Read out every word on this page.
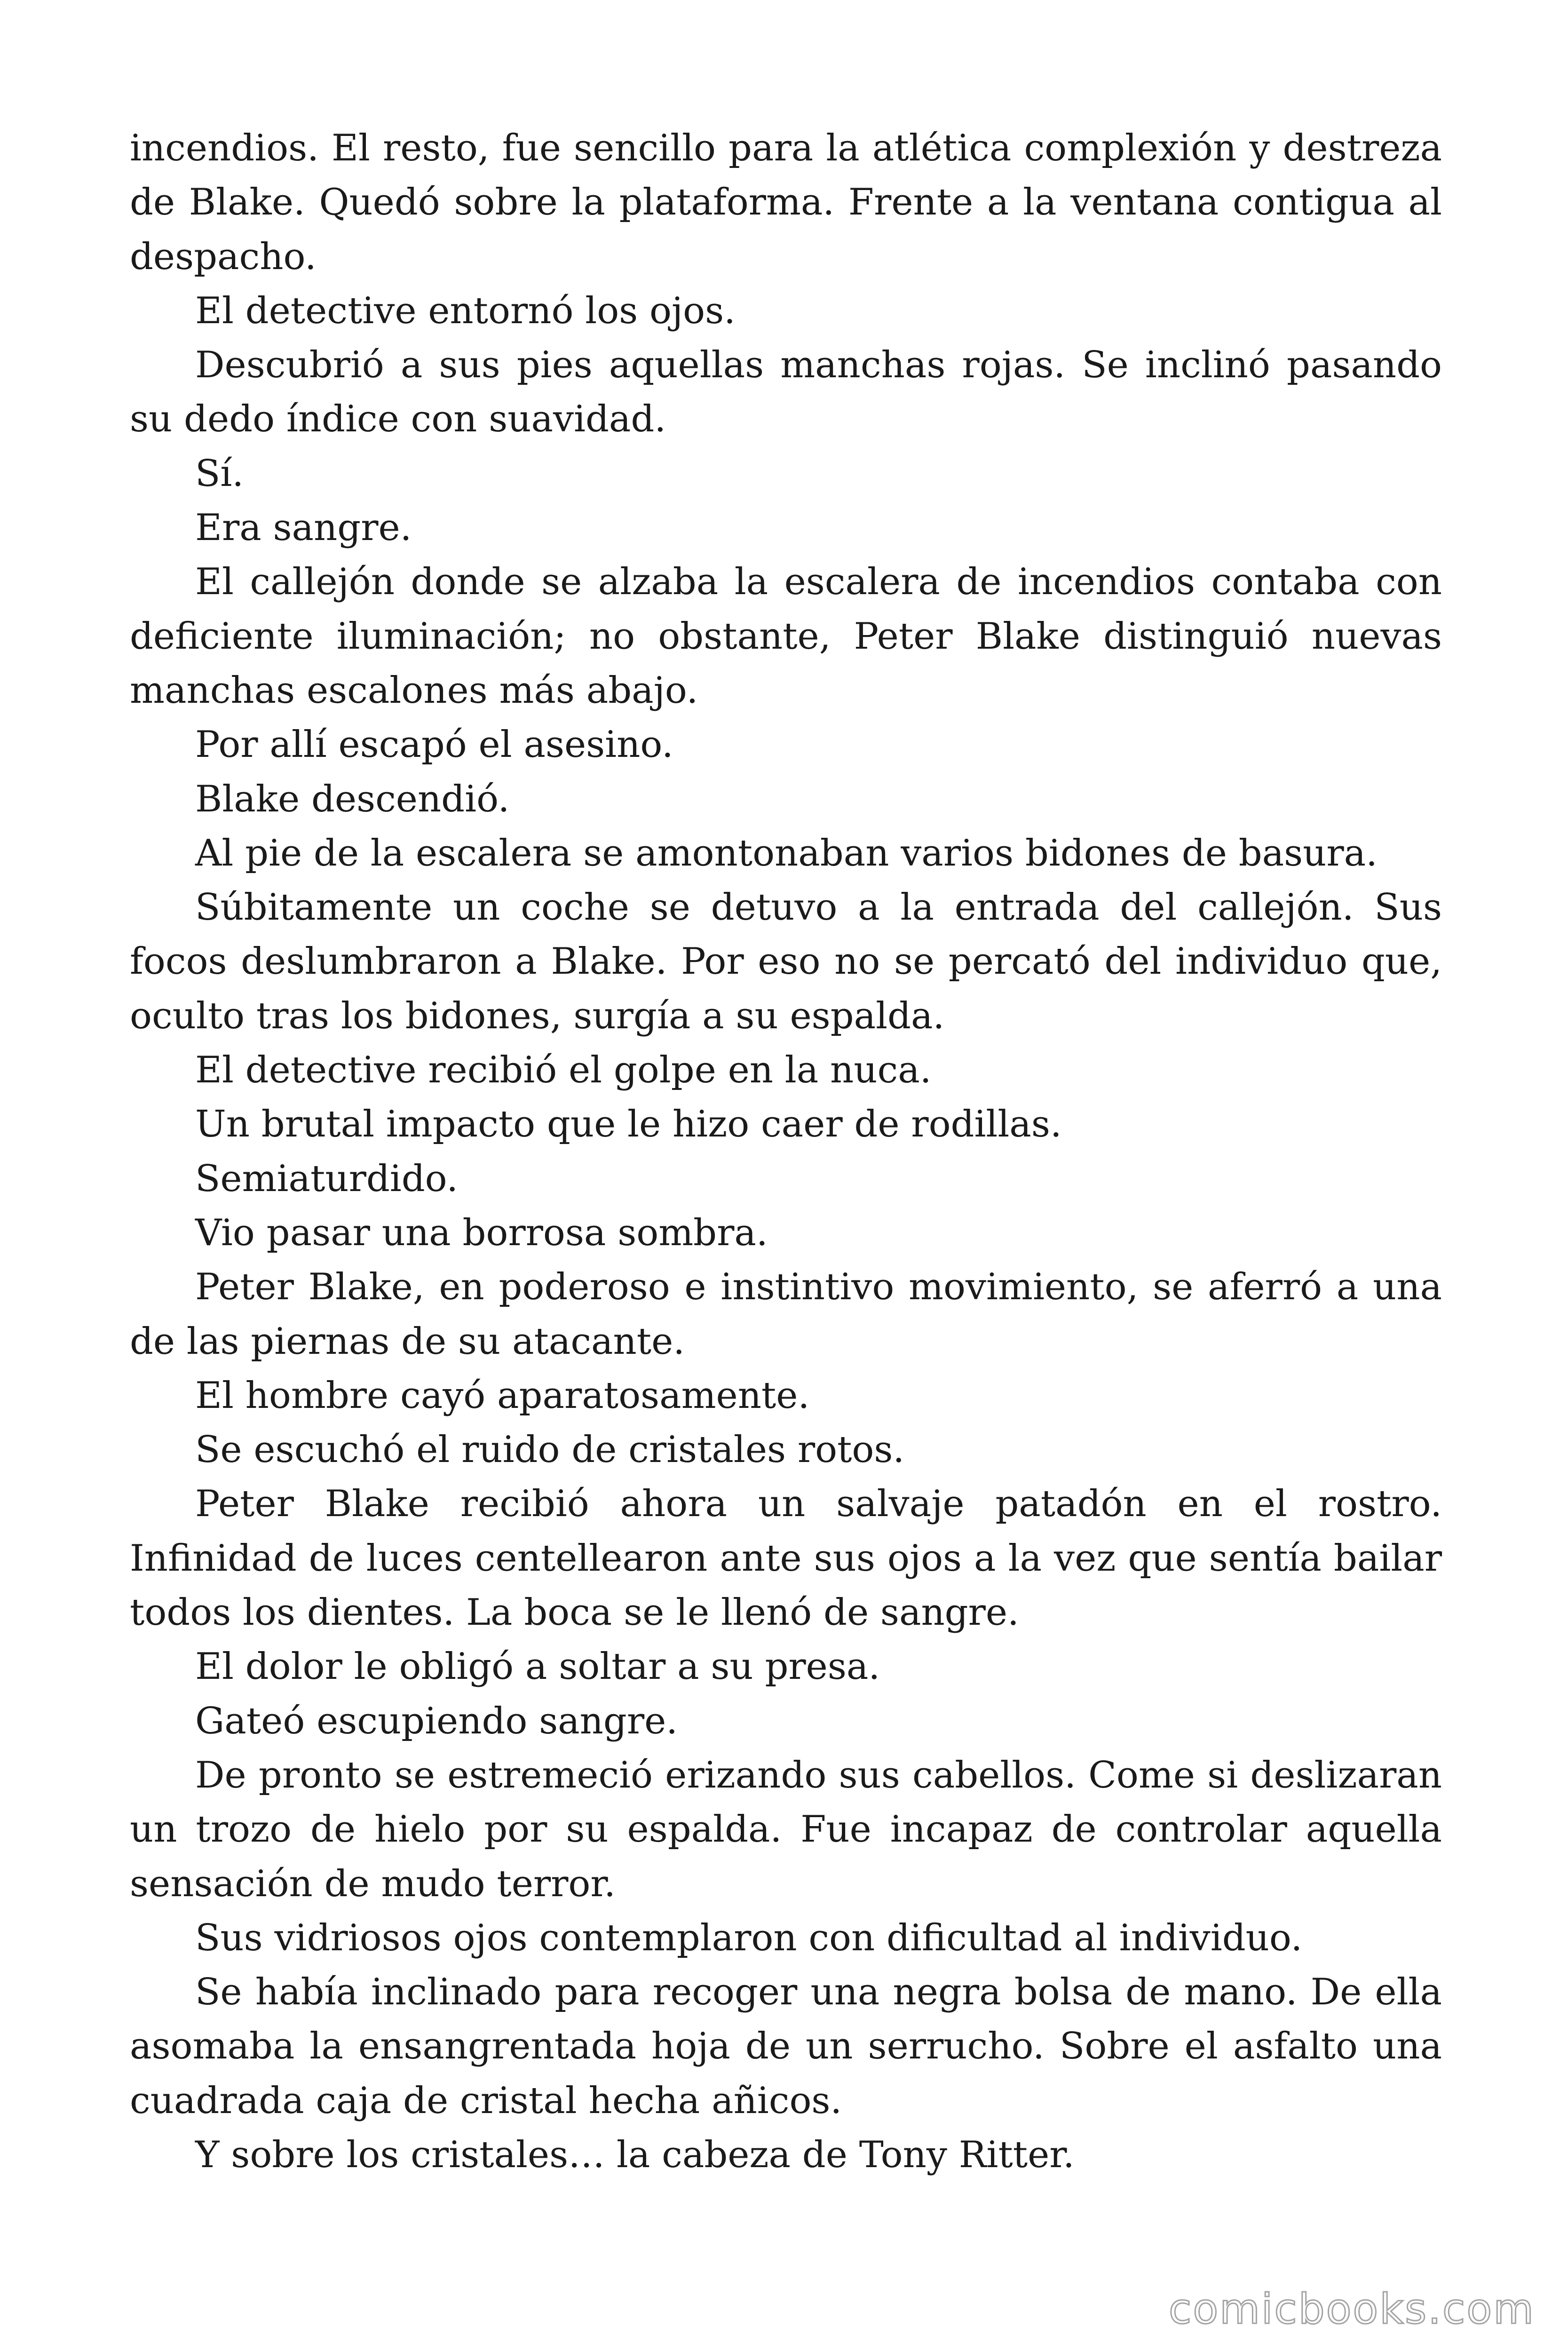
incendios. El resto, fue sencillo para la atlética complexión y destreza de Blake. Quedó sobre la plataforma. Frente a la ventana contigua al despacho.

El detective entornó los ojos.

Descubrió a sus pies aquellas manchas rojas. Se inclinó pasando su dedo índice con suavidad.

Sí.

Era sangre.

El callejón donde se alzaba la escalera de incendios contaba con deficiente iluminación; no obstante, Peter Blake distinguió nuevas manchas escalones más abajo.

Por allí escapó el asesino.

Blake descendió.

Al pie de la escalera se amontonaban varios bidones de basura.

Súbitamente un coche se detuvo a la entrada del callejón. Sus focos deslumbraron a Blake. Por eso no se percató del individuo que, oculto tras los bidones, surgía a su espalda.

El detective recibió el golpe en la nuca.

Un brutal impacto que le hizo caer de rodillas.

Semiaturdido.

Vio pasar una borrosa sombra.

Peter Blake, en poderoso e instintivo movimiento, se aferró a una de las piernas de su atacante.

El hombre cayó aparatosamente.

Se escuchó el ruido de cristales rotos.

Peter Blake recibió ahora un salvaje patadón en el rostro. Infinidad de luces centellearon ante sus ojos a la vez que sentía bailar todos los dientes. La boca se le llenó de sangre.

El dolor le obligó a soltar a su presa.

Gateó escupiendo sangre.

De pronto se estremeció erizando sus cabellos. Come si deslizaran un trozo de hielo por su espalda. Fue incapaz de controlar aquella sensación de mudo terror.

Sus vidriosos ojos contemplaron con dificultad al individuo.

Se había inclinado para recoger una negra bolsa de mano. De ella asomaba la ensangrentada hoja de un serrucho. Sobre el asfalto una cuadrada caja de cristal hecha añicos.

Y sobre los cristales… la cabeza de Tony Ritter.

comicbooks.com
